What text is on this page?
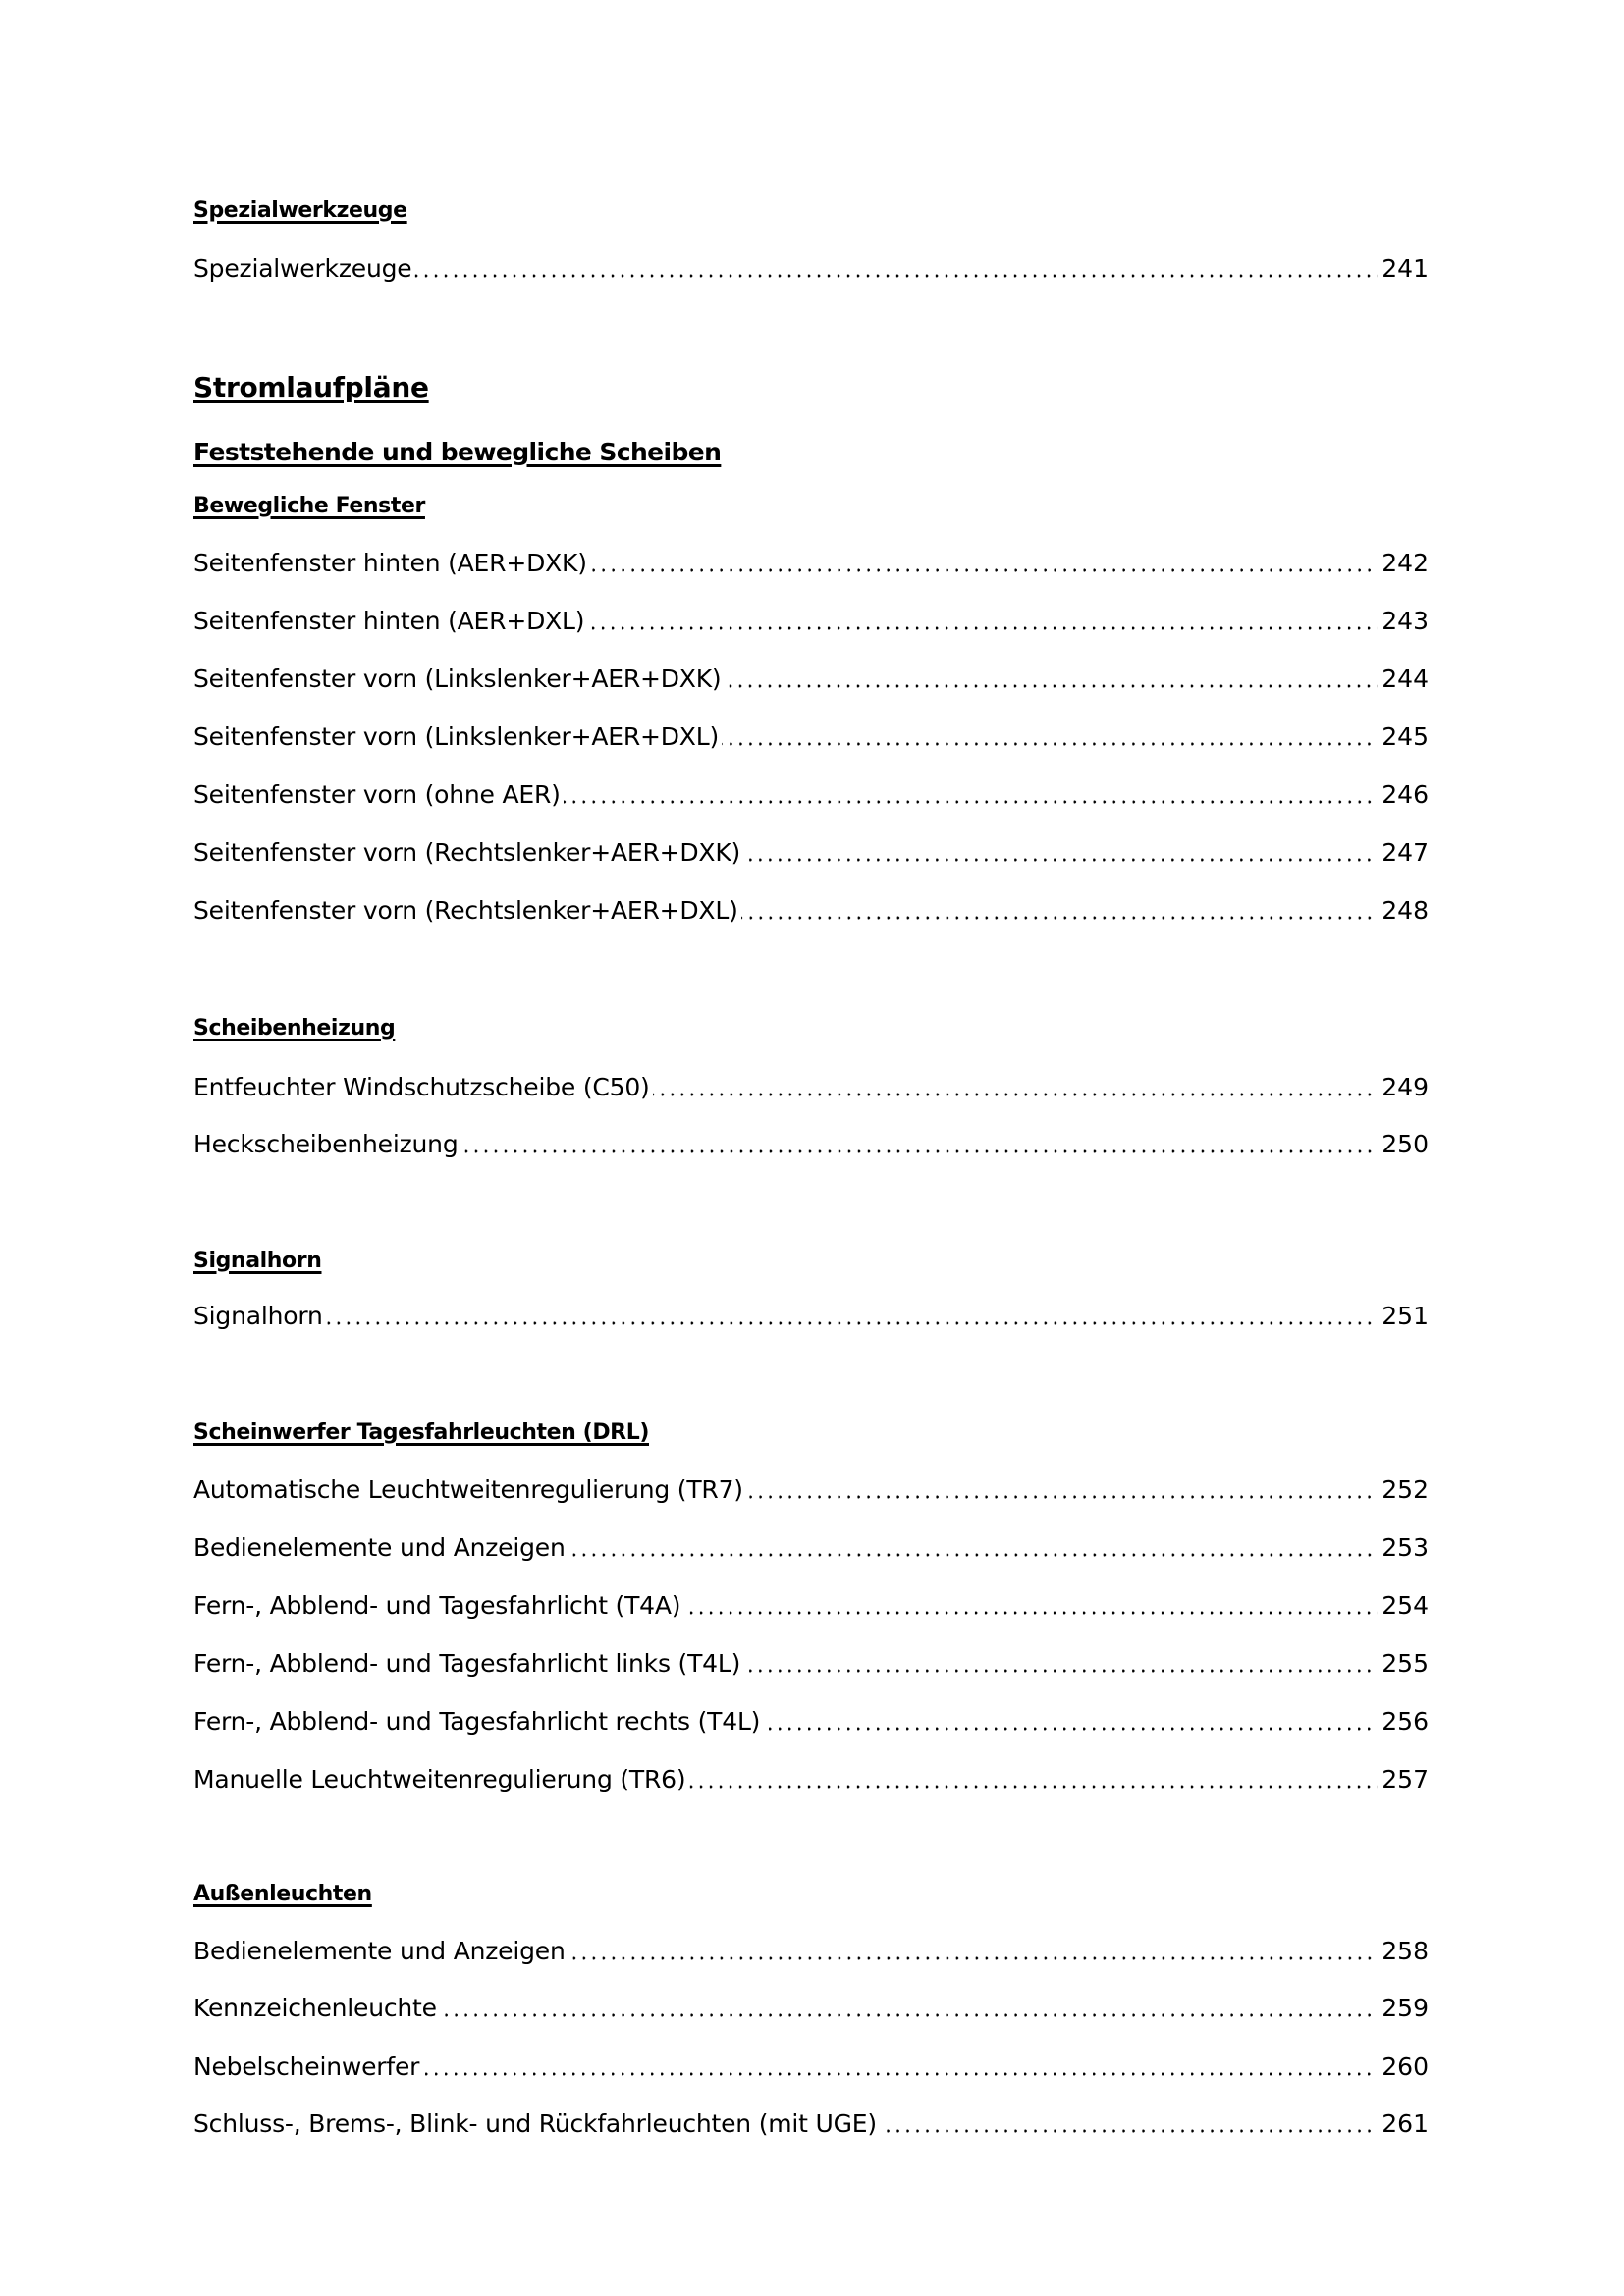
Spezialwerkzeuge
Spezialwerkzeuge	241
Stromlaufpläne
Feststehende und bewegliche Scheiben
Bewegliche Fenster
Seitenfenster hinten (AER+DXK)	242
Seitenfenster hinten (AER+DXL)	243
Seitenfenster vorn (Linkslenker+AER+DXK)	244
Seitenfenster vorn (Linkslenker+AER+DXL)	245
Seitenfenster vorn (ohne AER)	246
Seitenfenster vorn (Rechtslenker+AER+DXK)	247
Seitenfenster vorn (Rechtslenker+AER+DXL)	248
Scheibenheizung
Entfeuchter Windschutzscheibe (C50)	249
Heckscheibenheizung	250
Signalhorn
Signalhorn	251
Scheinwerfer Tagesfahrleuchten (DRL)
Automatische Leuchtweitenregulierung (TR7)	252
Bedienelemente und Anzeigen	253
Fern-, Abblend- und Tagesfahrlicht (T4A)	254
Fern-, Abblend- und Tagesfahrlicht links (T4L)	255
Fern-, Abblend- und Tagesfahrlicht rechts (T4L)	256
Manuelle Leuchtweitenregulierung (TR6)	257
Außenleuchten
Bedienelemente und Anzeigen	258
Kennzeichenleuchte	259
Nebelscheinwerfer	260
Schluss-, Brems-, Blink- und Rückfahrleuchten (mit UGE)	261
